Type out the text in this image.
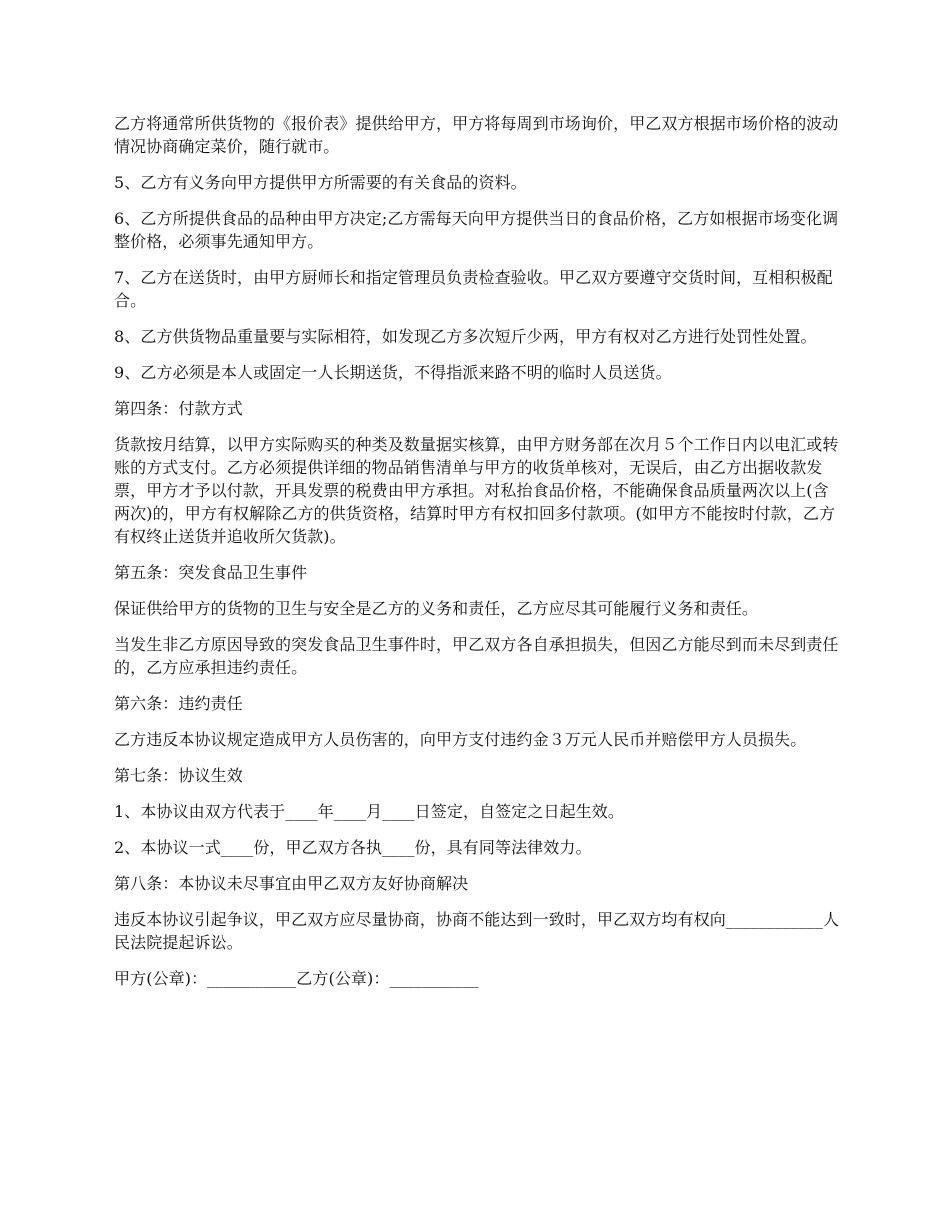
乙方将通常所供货物的《报价表》提供给甲方，甲方将每周到市场询价，甲乙双方根据市场价格的波动情况协商确定菜价，随行就市。

5、乙方有义务向甲方提供甲方所需要的有关食品的资料。

6、乙方所提供食品的品种由甲方决定;乙方需每天向甲方提供当日的食品价格，乙方如根据市场变化调整价格，必须事先通知甲方。

7、乙方在送货时，由甲方厨师长和指定管理员负责检查验收。甲乙双方要遵守交货时间，互相积极配合。

8、乙方供货物品重量要与实际相符，如发现乙方多次短斤少两，甲方有权对乙方进行处罚性处置。

9、乙方必须是本人或固定一人长期送货，不得指派来路不明的临时人员送货。

第四条：付款方式

货款按月结算，以甲方实际购买的种类及数量据实核算，由甲方财务部在次月５个工作日内以电汇或转账的方式支付。乙方必须提供详细的物品销售清单与甲方的收货单核对，无误后，由乙方出据收款发票，甲方才予以付款，开具发票的税费由甲方承担。对私抬食品价格，不能确保食品质量两次以上(含两次)的，甲方有权解除乙方的供货资格，结算时甲方有权扣回多付款项。(如甲方不能按时付款，乙方有权终止送货并追收所欠货款)。

第五条：突发食品卫生事件

保证供给甲方的货物的卫生与安全是乙方的义务和责任，乙方应尽其可能履行义务和责任。

当发生非乙方原因导致的突发食品卫生事件时，甲乙双方各自承担损失，但因乙方能尽到而未尽到责任的，乙方应承担违约责任。

第六条：违约责任

乙方违反本协议规定造成甲方人员伤害的，向甲方支付违约金３万元人民币并赔偿甲方人员损失。

第七条：协议生效

1、本协议由双方代表于____年____月____日签定，自签定之日起生效。

2、本协议一式____份，甲乙双方各执____份，具有同等法律效力。

第八条：本协议未尽事宜由甲乙双方友好协商解决

违反本协议引起争议，甲乙双方应尽量协商，协商不能达到一致时，甲乙双方均有权向____________人民法院提起诉讼。

甲方(公章)：___________乙方(公章)：___________
